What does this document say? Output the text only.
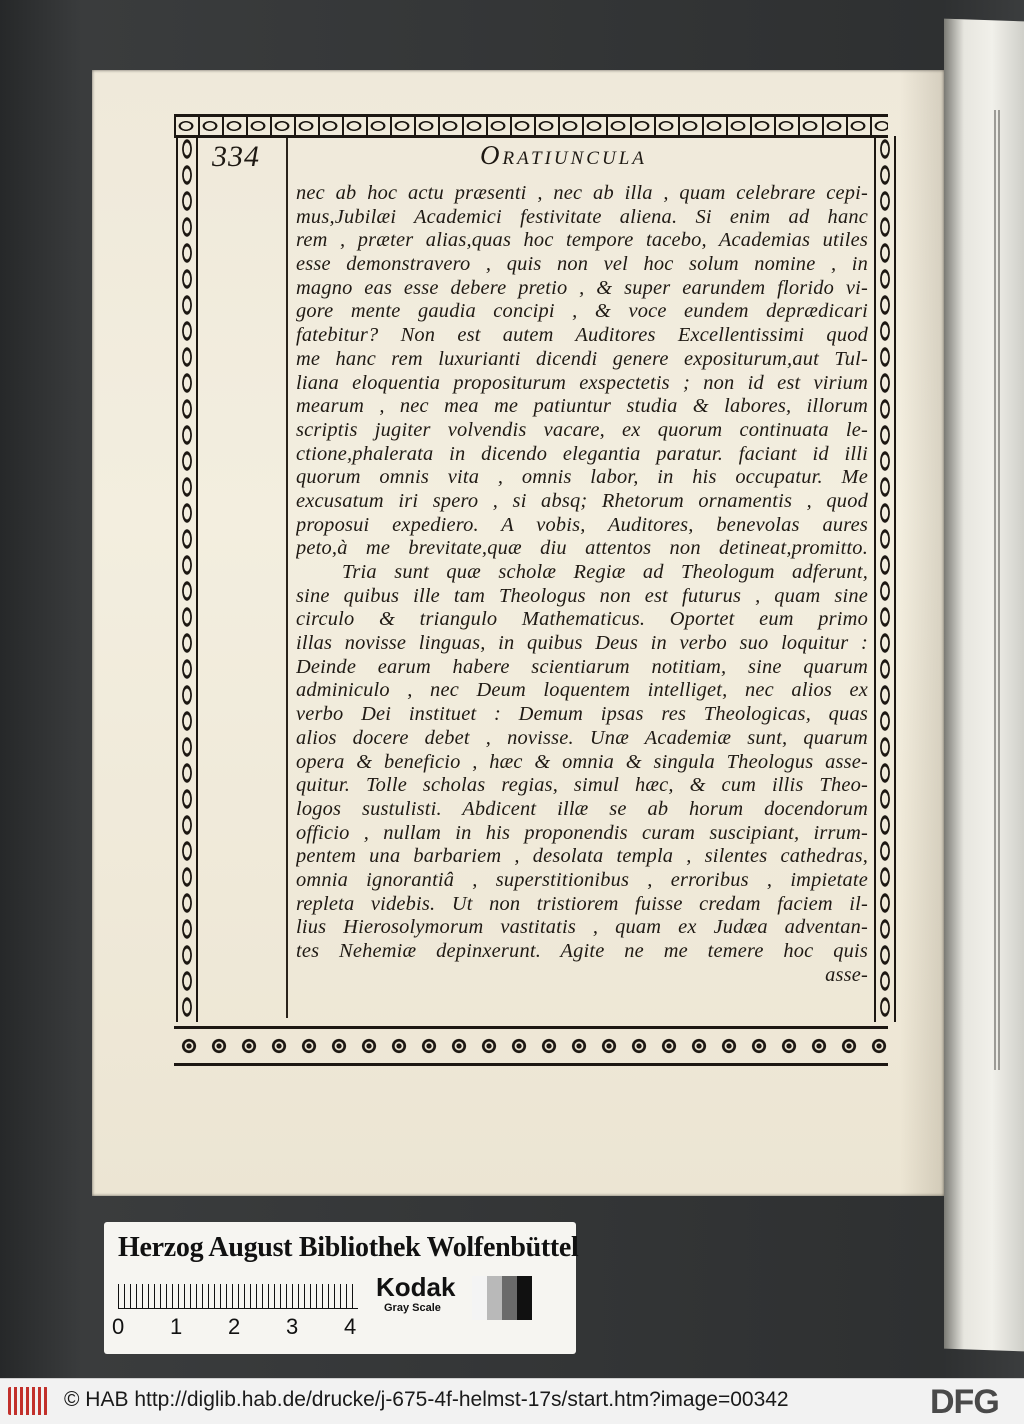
334	Oratiuncula
nec ab hoc actu præsenti , nec ab illa , quam celebrare cepi-
mus,Jubilæi Academici festivitate aliena. Si enim ad hanc
rem , præter alias,quas hoc tempore tacebo, Academias utiles
esse demonstravero , quis non vel hoc solum nomine , in
magno eas esse debere pretio , & super earundem florido vi-
gore mente gaudia concipi , & voce eundem deprædicari
fatebitur? Non est autem Auditores Excellentissimi quod
me hanc rem luxurianti dicendi genere expositurum,aut Tul-
liana eloquentia propositurum exspectetis ; non id est virium
mearum , nec mea me patiuntur studia & labores, illorum
scriptis jugiter volvendis vacare, ex quorum continuata le-
ctione,phalerata in dicendo elegantia paratur. faciant id illi
quorum omnis vita , omnis labor, in his occupatur. Me
excusatum iri spero , si absq; Rhetorum ornamentis , quod
proposui expediero. A vobis, Auditores, benevolas aures
peto,à me brevitate,quæ diu attentos non detineat,promitto.
Tria sunt quæ scholæ Regiæ ad Theologum adferunt,
sine quibus ille tam Theologus non est futurus , quam sine
circulo & triangulo Mathematicus. Oportet eum primo
illas novisse linguas, in quibus Deus in verbo suo loquitur :
Deinde earum habere scientiarum notitiam, sine quarum
adminiculo , nec Deum loquentem intelliget, nec alios ex
verbo Dei instituet : Demum ipsas res Theologicas, quas
alios docere debet , novisse. Unæ Academiæ sunt, quarum
opera & beneficio , hæc & omnia & singula Theologus asse-
quitur. Tolle scholas regias, simul hæc, & cum illis Theo-
logos sustulisti. Abdicent illæ se ab horum docendorum
officio , nullam in his proponendis curam suscipiant, irrum-
pentem una barbariem , desolata templa , silentes cathedras,
omnia ignorantiâ , superstitionibus , erroribus , impietate
repleta videbis. Ut non tristiorem fuisse credam faciem il-
lius Hierosolymorum vastitatis , quam ex Judæa adventan-
tes Nehemiæ depinxerunt. Agite ne me temere hoc quis
asse-
Herzog August Bibliothek Wolfenbüttel
0 1 2 3 4
Kodak
Gray Scale
© HAB http://diglib.hab.de/drucke/j-675-4f-helmst-17s/start.htm?image=00342	DFG
